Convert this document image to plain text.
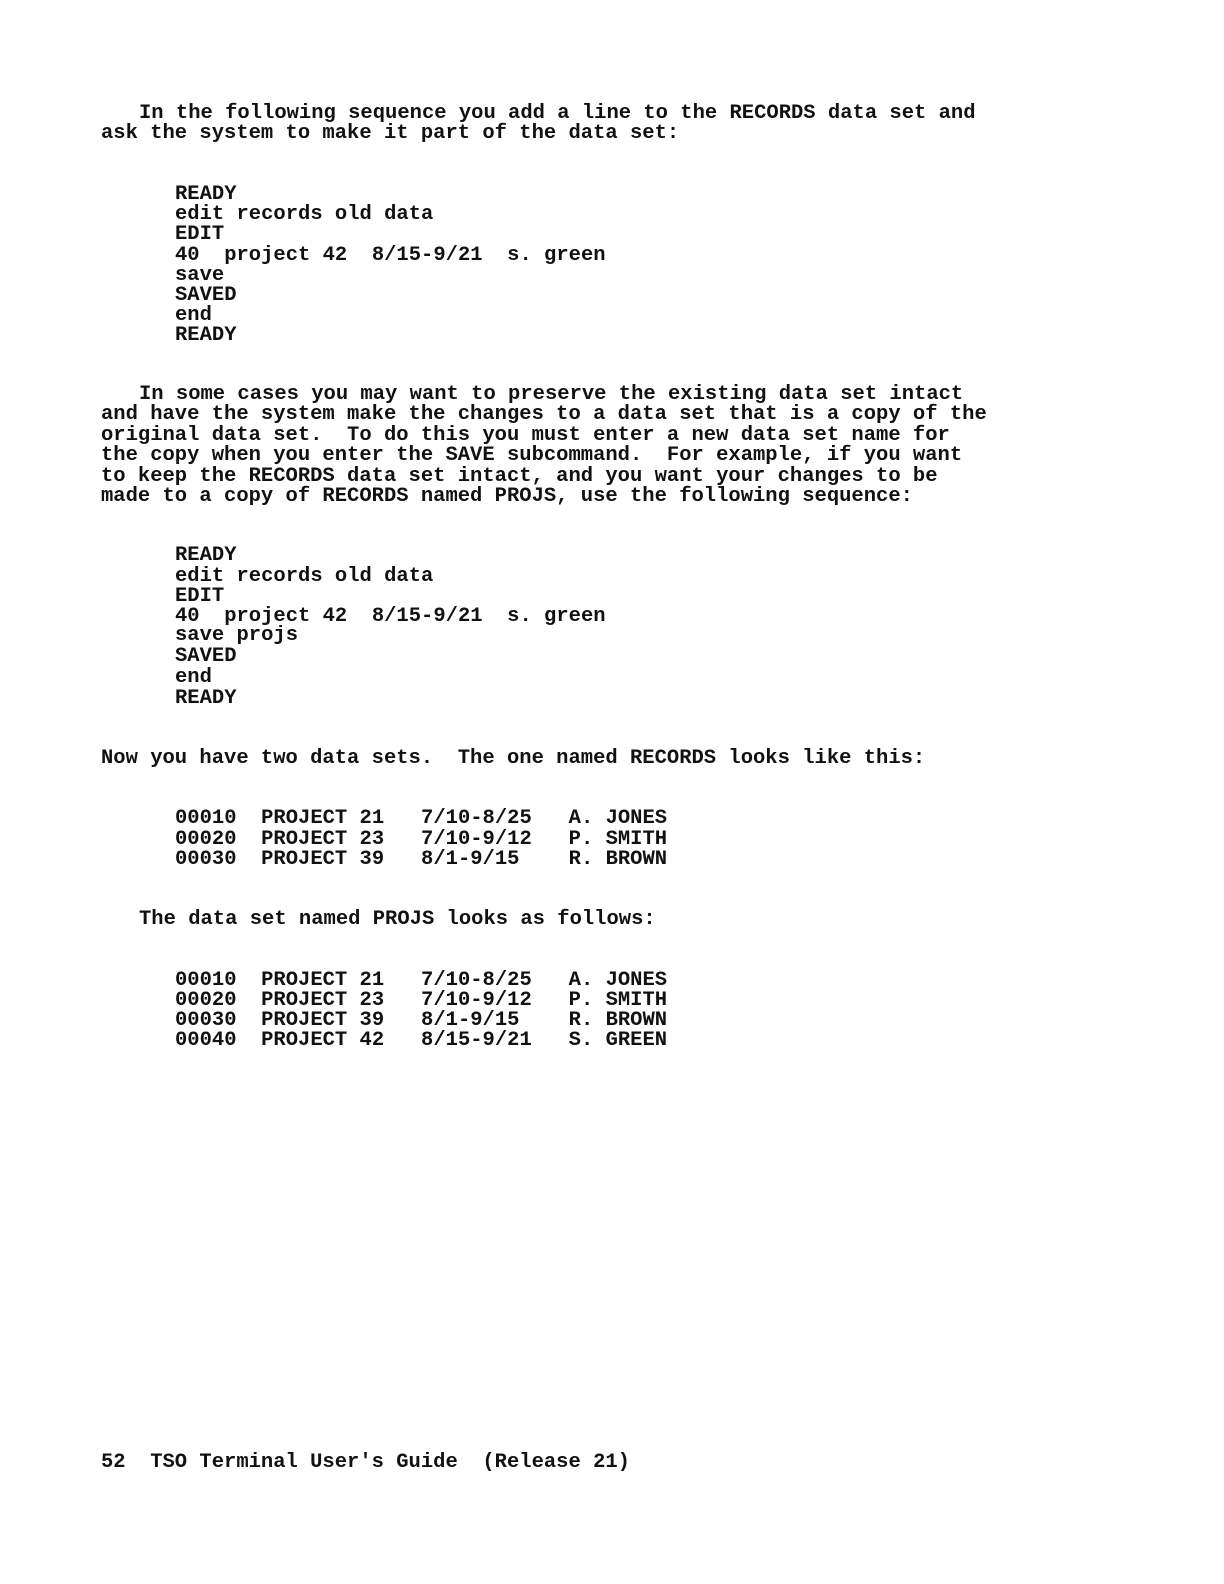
In the following sequence you add a line to the RECORDS data set and

ask the system to make it part of the data set:

READY

edit records old data

EDIT

40  project 42  8/15-9/21  s. green

save

SAVED

end

READY

In some cases you may want to preserve the existing data set intact

and have the system make the changes to a data set that is a copy of the

original data set.  To do this you must enter a new data set name for

the copy when you enter the SAVE subcommand.  For example, if you want

to keep the RECORDS data set intact, and you want your changes to be

made to a copy of RECORDS named PROJS, use the following sequence:

READY

edit records old data

EDIT

40  project 42  8/15-9/21  s. green

save projs

SAVED

end

READY

Now you have two data sets.  The one named RECORDS looks like this:

00010  PROJECT 21   7/10-8/25   A. JONES

00020  PROJECT 23   7/10-9/12   P. SMITH

00030  PROJECT 39   8/1-9/15    R. BROWN

The data set named PROJS looks as follows:

00010  PROJECT 21   7/10-8/25   A. JONES

00020  PROJECT 23   7/10-9/12   P. SMITH

00030  PROJECT 39   8/1-9/15    R. BROWN

00040  PROJECT 42   8/15-9/21   S. GREEN

52  TSO Terminal User's Guide  (Release 21)
